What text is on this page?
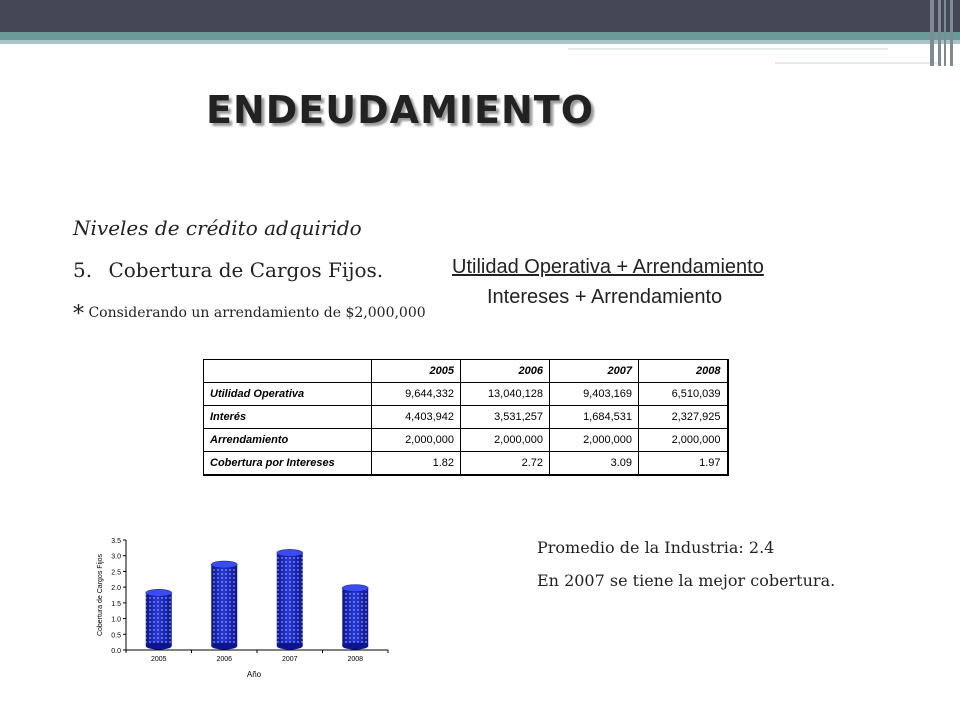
ENDEUDAMIENTO
Niveles de crédito adquirido
5. Cobertura de Cargos Fijos.
* Considerando un arrendamiento de $2,000,000
Utilidad Operativa + Arrendamiento
Intereses + Arrendamiento
	2005	2006	2007	2008
Utilidad Operativa	9,644,332	13,040,128	9,403,169	6,510,039
Interés	4,403,942	3,531,257	1,684,531	2,327,925
Arrendamiento	2,000,000	2,000,000	2,000,000	2,000,000
Cobertura por Intereses	1.82	2.72	3.09	1.97
0.0
0.5
1.0
1.5
2.0
2.5
3.0
3.5
Cobertura de Cargos Fijos
2005	2006	2007	2008
Año
Promedio de la Industria: 2.4
En 2007 se tiene la mejor cobertura.
